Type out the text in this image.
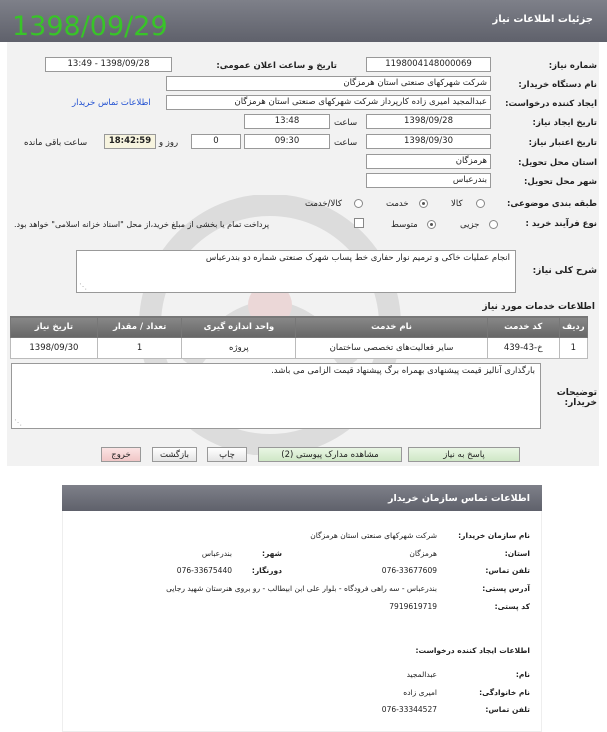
جزئیات اطلاعات نیاز
1398/09/29
شماره نیاز:
1198004148000069
تاریخ و ساعت اعلان عمومی:
1398/09/28 - 13:49
نام دستگاه خریدار:
شرکت شهرکهای صنعتی استان هرمزگان
ایجاد کننده درخواست:
عبدالمجید امیری زاده کارپرداز شرکت شهرکهای صنعتی استان هرمزگان
اطلاعات تماس خریدار
تاریخ ایجاد نیاز:
1398/09/28
ساعت
13:48
تاریخ اعتبار نیاز:
1398/09/30
ساعت
09:30
0
روز و
18:42:59
ساعت باقی مانده
استان محل تحویل:
هرمزگان
شهر محل تحویل:
بندرعباس
طبقه بندی موضوعی:
کالا
خدمت
کالا/خدمت
نوع فرآیند خرید :
جزیی
متوسط
پرداخت تمام یا بخشی از مبلغ خرید،از محل "اسناد خزانه اسلامی" خواهد بود.
شرح کلی نیاز:
انجام عملیات خاکی و ترمیم نوار حفاری خط پساب شهرک صنعتی شماره دو بندرعباس
⋰
اطلاعات خدمات مورد نیاز
ردیف	کد خدمت	نام خدمت	واحد اندازه گیری	تعداد / مقدار	تاریخ نیاز
1	خ-43-439	سایر فعالیت‌های تخصصی ساختمان	پروژه	1	1398/09/30
توضیحات خریدار:
بارگذاری آنالیز قیمت پیشنهادی بهمراه برگ پیشنهاد قیمت الزامی می باشد.
⋰
پاسخ به نیاز
مشاهده مدارک پیوستی (2)
چاپ
بازگشت
خروج
اطلاعات تماس سازمان خریدار
نام سازمان خریدار:
شرکت شهرکهای صنعتی استان هرمزگان
استان:
هرمزگان
شهر:
بندرعباس
تلفن تماس:
076-33677609
دورنگار:
076-33675440
آدرس پستی:
بندرعباس - سه راهی فرودگاه - بلوار علی ابن ابیطالب - رو بروی هنرستان شهید رجایی
کد پستی:
7919619719
اطلاعات ایجاد کننده درخواست:
نام:
عبدالمجید
نام خانوادگی:
امیری زاده
تلفن تماس:
076-33344527
